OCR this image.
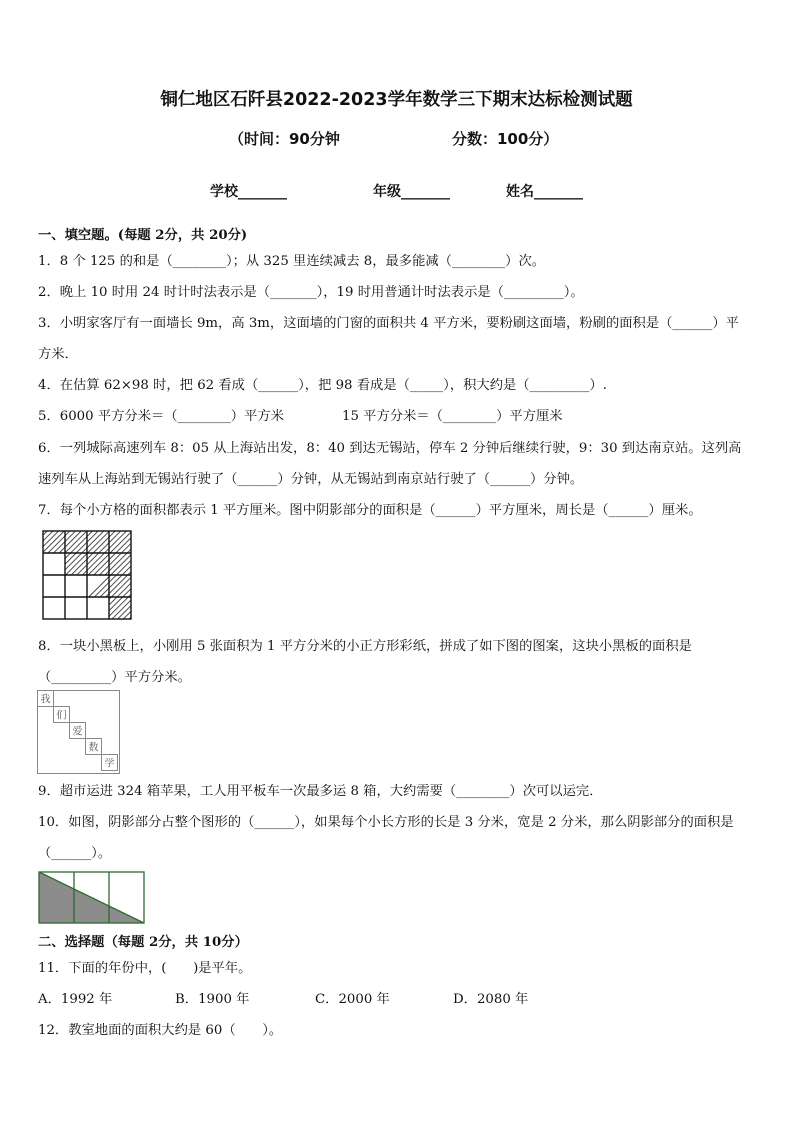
铜仁地区石阡县2022-2023学年数学三下期末达标检测试题
（时间：90分钟	分数：100分）
学校_______	年级_______	姓名_______
一、填空题。(每题 2分，共 20分)
1．8 个 125 的和是（________）；从 325 里连续减去 8，最多能减（________）次。
2．晚上 10 时用 24 时计时法表示是（_______），19 时用普通计时法表示是（_________）。
3．小明家客厅有一面墙长 9m，高 3m，这面墙的门窗的面积共 4 平方米，要粉刷这面墙，粉刷的面积是（______）平
方米．
4．在估算 62×98 时，把 62 看成（______），把 98 看成是（_____），积大约是（_________）.
5．6000 平方分米＝（________）平方米	15 平方分米＝（________）平方厘米
6．一列城际高速列车 8：05 从上海站出发，8：40 到达无锡站，停车 2 分钟后继续行驶，9：30 到达南京站。这列高
速列车从上海站到无锡站行驶了（______）分钟，从无锡站到南京站行驶了（______）分钟。
7．每个小方格的面积都表示 1 平方厘米。图中阴影部分的面积是（______）平方厘米，周长是（______）厘米。
8．一块小黑板上，小刚用 5 张面积为 1 平方分米的小正方形彩纸，拼成了如下图的图案，这块小黑板的面积是
（_________）平方分米。
我
们
爱
数
学
9．超市运进 324 箱苹果，工人用平板车一次最多运 8 箱，大约需要（________）次可以运完．
10．如图，阴影部分占整个图形的（______），如果每个小长方形的长是 3 分米，宽是 2 分米，那么阴影部分的面积是
（______）。
二、选择题（每题 2分，共 10分）
11．下面的年份中，(　　)是平年。
A．1992 年	B．1900 年	C．2000 年	D．2080 年
12．教室地面的面积大约是 60（　　）。
